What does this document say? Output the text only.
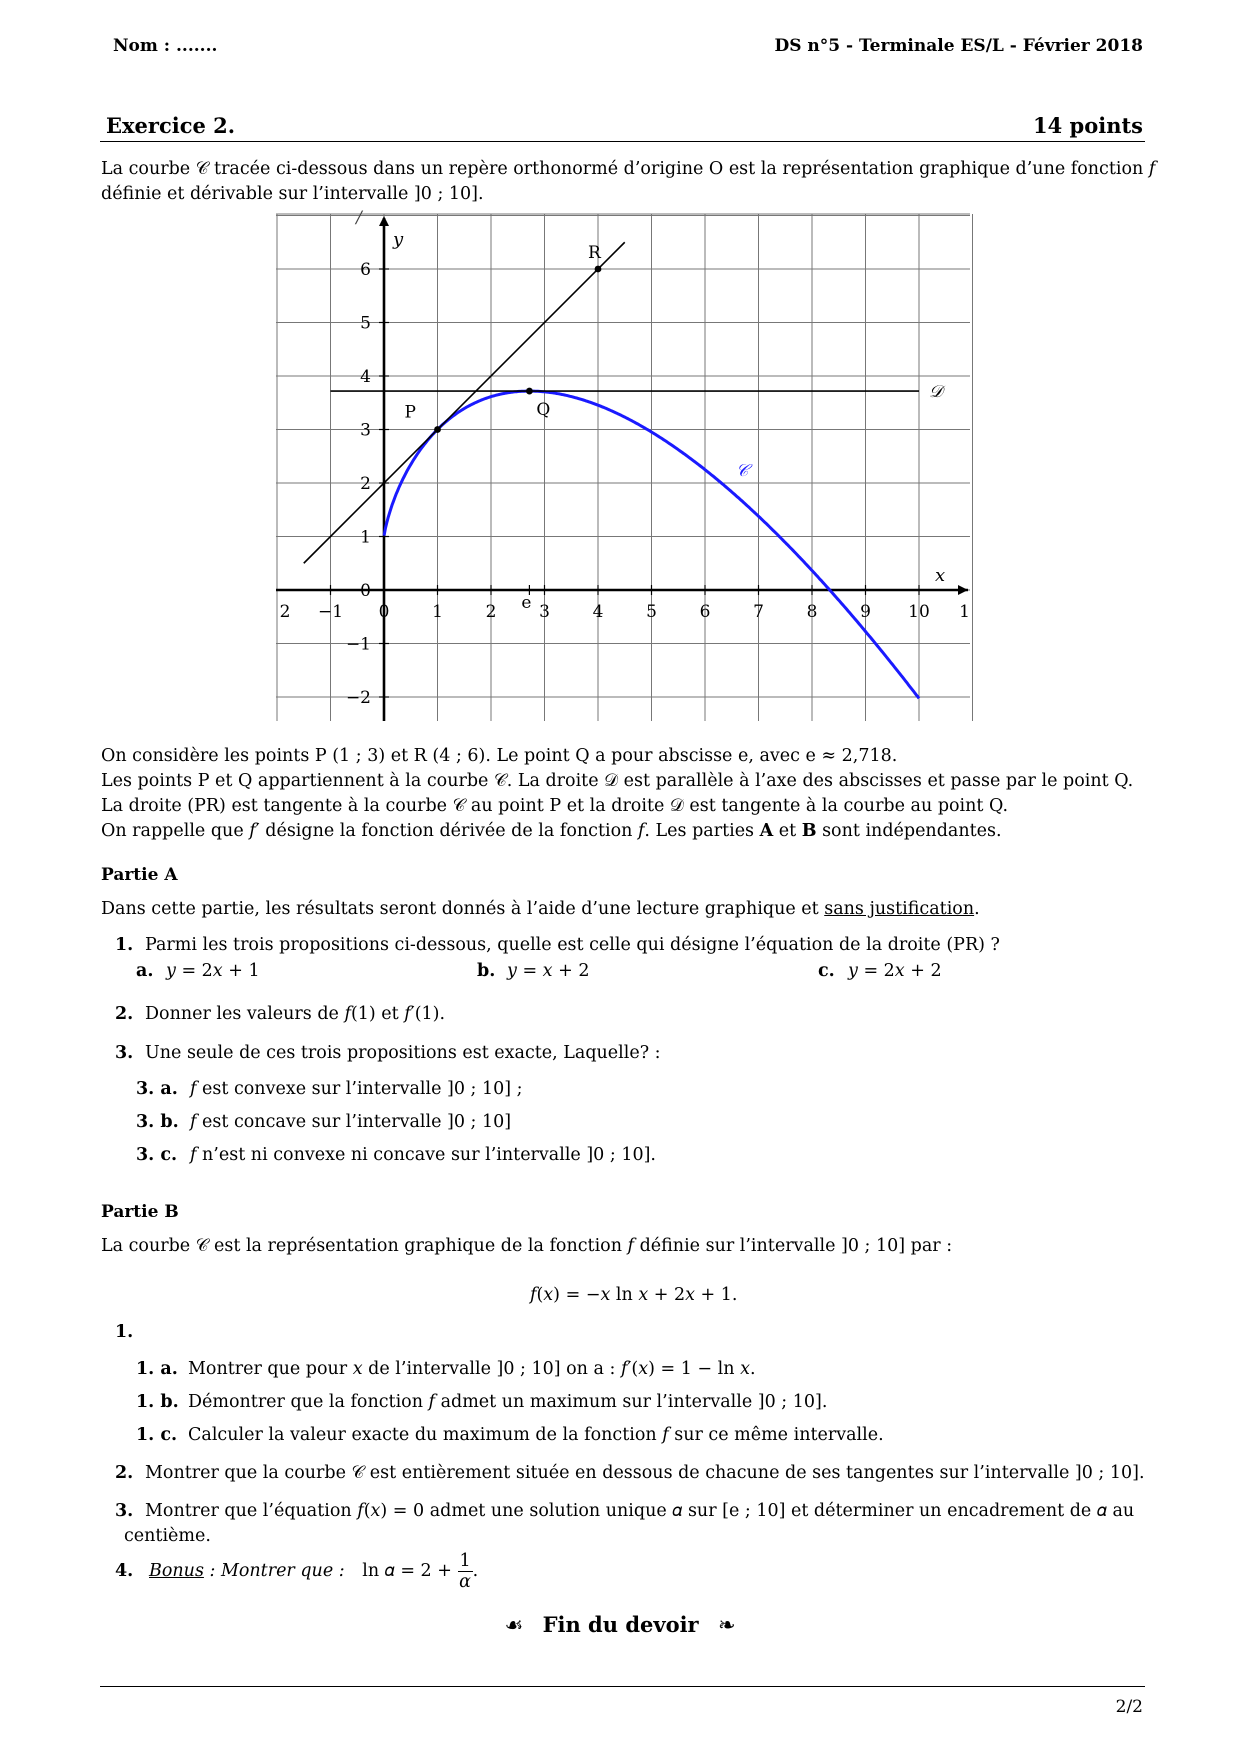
Nom : .......	DS n°5 - Terminale ES/L - Février 2018
Exercice 2.	14 points
La courbe 𝒞 tracée ci-dessous dans un repère orthonormé d’origine O est la représentation graphique d’une fonction 𝑓
définie et dérivable sur l’intervalle ]0 ; 10].
2 −1 0	1	2	3	4	5	6	7	8	9 10 1
6
5
4
3
2
1
0
−1
−2
/
x
y
e
P	Q
R
𝒟
𝒞
On considère les points P (1 ; 3) et R (4 ; 6). Le point Q a pour abscisse e, avec e ≈ 2,718.
Les points P et Q appartiennent à la courbe 𝒞. La droite 𝒟 est parallèle à l’axe des abscisses et passe par le point Q.
La droite (PR) est tangente à la courbe 𝒞 au point P et la droite 𝒟 est tangente à la courbe au point Q.
On rappelle que 𝑓′ désigne la fonction dérivée de la fonction 𝑓. Les parties A et B sont indépendantes.
Partie A
Dans cette partie, les résultats seront donnés à l’aide d’une lecture graphique et sans justification.
1. Parmi les trois propositions ci-dessous, quelle est celle qui désigne l’équation de la droite (PR) ?
a. 𝑦 = 2𝑥 + 1	b. 𝑦 = 𝑥 + 2	c. 𝑦 = 2𝑥 + 2
2. Donner les valeurs de 𝑓(1) et 𝑓′(1).
3. Une seule de ces trois propositions est exacte, Laquelle? :
3. a. 𝑓 est convexe sur l’intervalle ]0 ; 10] ;
3. b. 𝑓 est concave sur l’intervalle ]0 ; 10]
3. c. 𝑓 n’est ni convexe ni concave sur l’intervalle ]0 ; 10].
Partie B
La courbe 𝒞 est la représentation graphique de la fonction 𝑓 définie sur l’intervalle ]0 ; 10] par :
𝑓(𝑥) = −𝑥 ln 𝑥 + 2𝑥 + 1.
1.
1. a. Montrer que pour 𝑥 de l’intervalle ]0 ; 10] on a : 𝑓′(𝑥) = 1 − ln 𝑥.
1. b. Démontrer que la fonction 𝑓 admet un maximum sur l’intervalle ]0 ; 10].
1. c. Calculer la valeur exacte du maximum de la fonction 𝑓 sur ce même intervalle.
2. Montrer que la courbe 𝒞 est entièrement située en dessous de chacune de ses tangentes sur l’intervalle ]0 ; 10].
3. Montrer que l’équation 𝑓(𝑥) = 0 admet une solution unique 𝛼 sur [e ; 10] et déterminer un encadrement de 𝛼 au
centième.
4. Bonus : Montrer que : ln 𝛼 = $2 + \frac{1}{\text{𝛼}}$ .
☙ Fin du devoir ❧
2/2
